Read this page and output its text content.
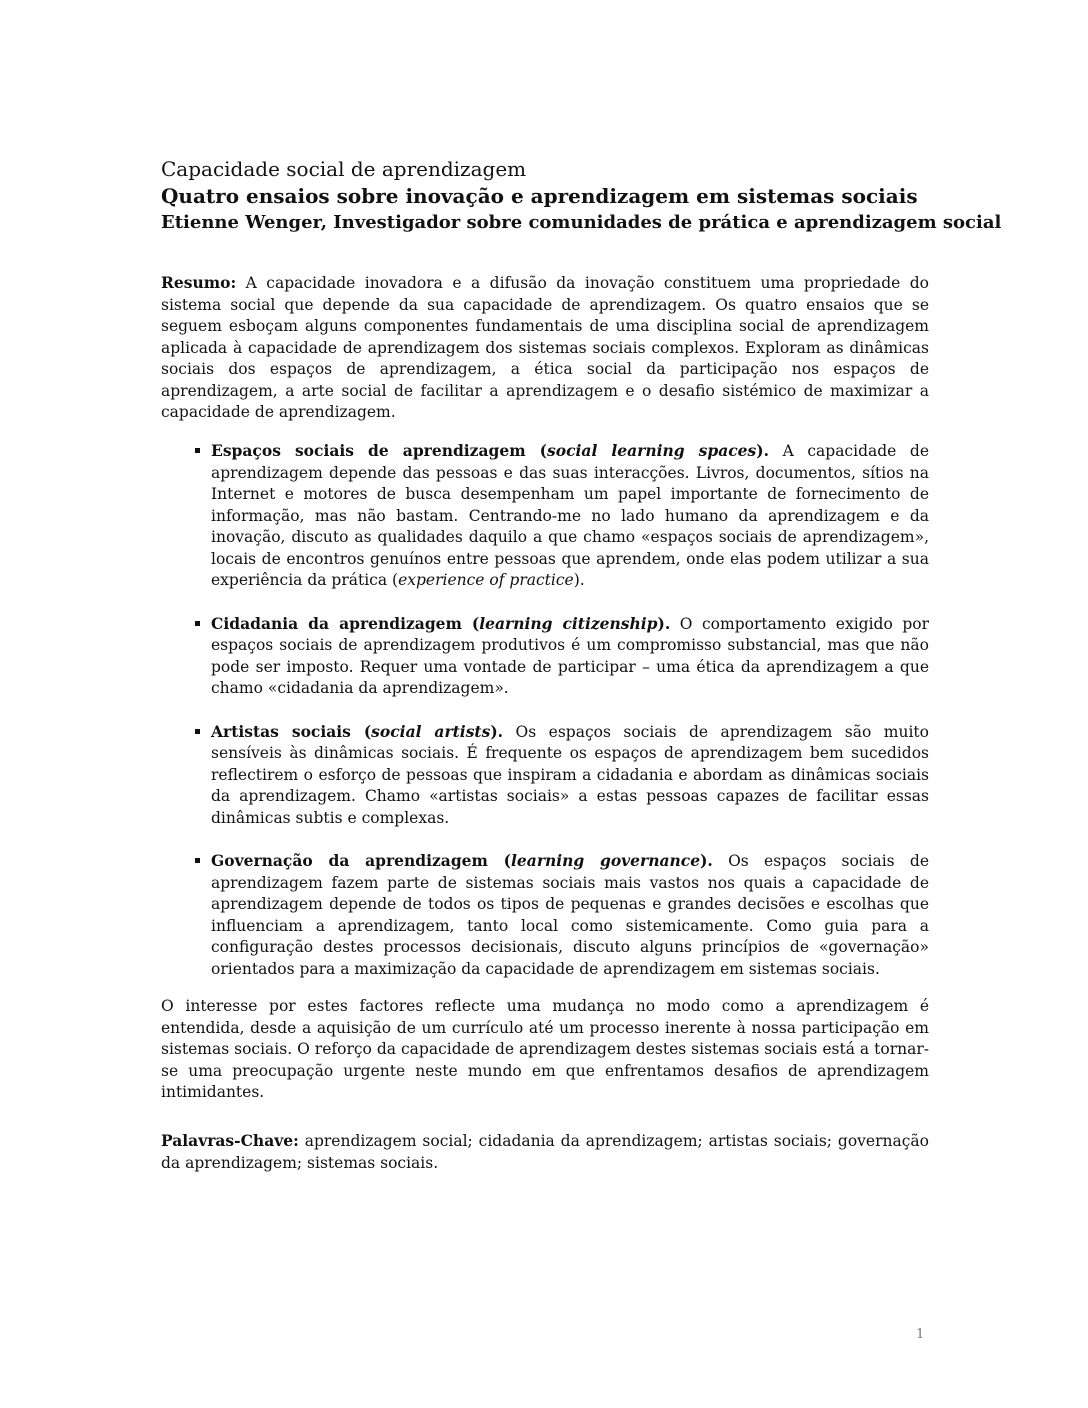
Capacidade social de aprendizagem

Quatro ensaios sobre inovação e aprendizagem em sistemas sociais

Etienne Wenger, Investigador sobre comunidades de prática e aprendizagem social

Resumo: A capacidade inovadora e a difusão da inovação constituem uma propriedade do sistema social que depende da sua capacidade de aprendizagem. Os quatro ensaios que se seguem esboçam alguns componentes fundamentais de uma disciplina social de aprendizagem aplicada à capacidade de aprendizagem dos sistemas sociais complexos. Exploram as dinâmicas sociais dos espaços de aprendizagem, a ética social da participação nos espaços de aprendizagem, a arte social de facilitar a aprendizagem e o desafio sistémico de maximizar a capacidade de aprendizagem.
Espaços sociais de aprendizagem (social learning spaces). A capacidade de aprendizagem depende das pessoas e das suas interacções. Livros, documentos, sítios na Internet e motores de busca desempenham um papel importante de fornecimento de informação, mas não bastam. Centrando-me no lado humano da aprendizagem e da inovação, discuto as qualidades daquilo a que chamo «espaços sociais de aprendizagem», locais de encontros genuínos entre pessoas que aprendem, onde elas podem utilizar a sua experiência da prática (experience of practice).
Cidadania da aprendizagem (learning citizenship). O comportamento exigido por espaços sociais de aprendizagem produtivos é um compromisso substancial, mas que não pode ser imposto. Requer uma vontade de participar – uma ética da aprendizagem a que chamo «cidadania da aprendizagem».
Artistas sociais (social artists). Os espaços sociais de aprendizagem são muito sensíveis às dinâmicas sociais. É frequente os espaços de aprendizagem bem sucedidos reflectirem o esforço de pessoas que inspiram a cidadania e abordam as dinâmicas sociais da aprendizagem. Chamo «artistas sociais» a estas pessoas capazes de facilitar essas dinâmicas subtis e complexas.
Governação da aprendizagem (learning governance). Os espaços sociais de aprendizagem fazem parte de sistemas sociais mais vastos nos quais a capacidade de aprendizagem depende de todos os tipos de pequenas e grandes decisões e escolhas que influenciam a aprendizagem, tanto local como sistemicamente. Como guia para a configuração destes processos decisionais, discuto alguns princípios de «governação» orientados para a maximização da capacidade de aprendizagem em sistemas sociais.
O interesse por estes factores reflecte uma mudança no modo como a aprendizagem é entendida, desde a aquisição de um currículo até um processo inerente à nossa participação em sistemas sociais. O reforço da capacidade de aprendizagem destes sistemas sociais está a tornar-se uma preocupação urgente neste mundo em que enfrentamos desafios de aprendizagem intimidantes.
Palavras-Chave: aprendizagem social; cidadania da aprendizagem; artistas sociais; governação da aprendizagem; sistemas sociais.
1
